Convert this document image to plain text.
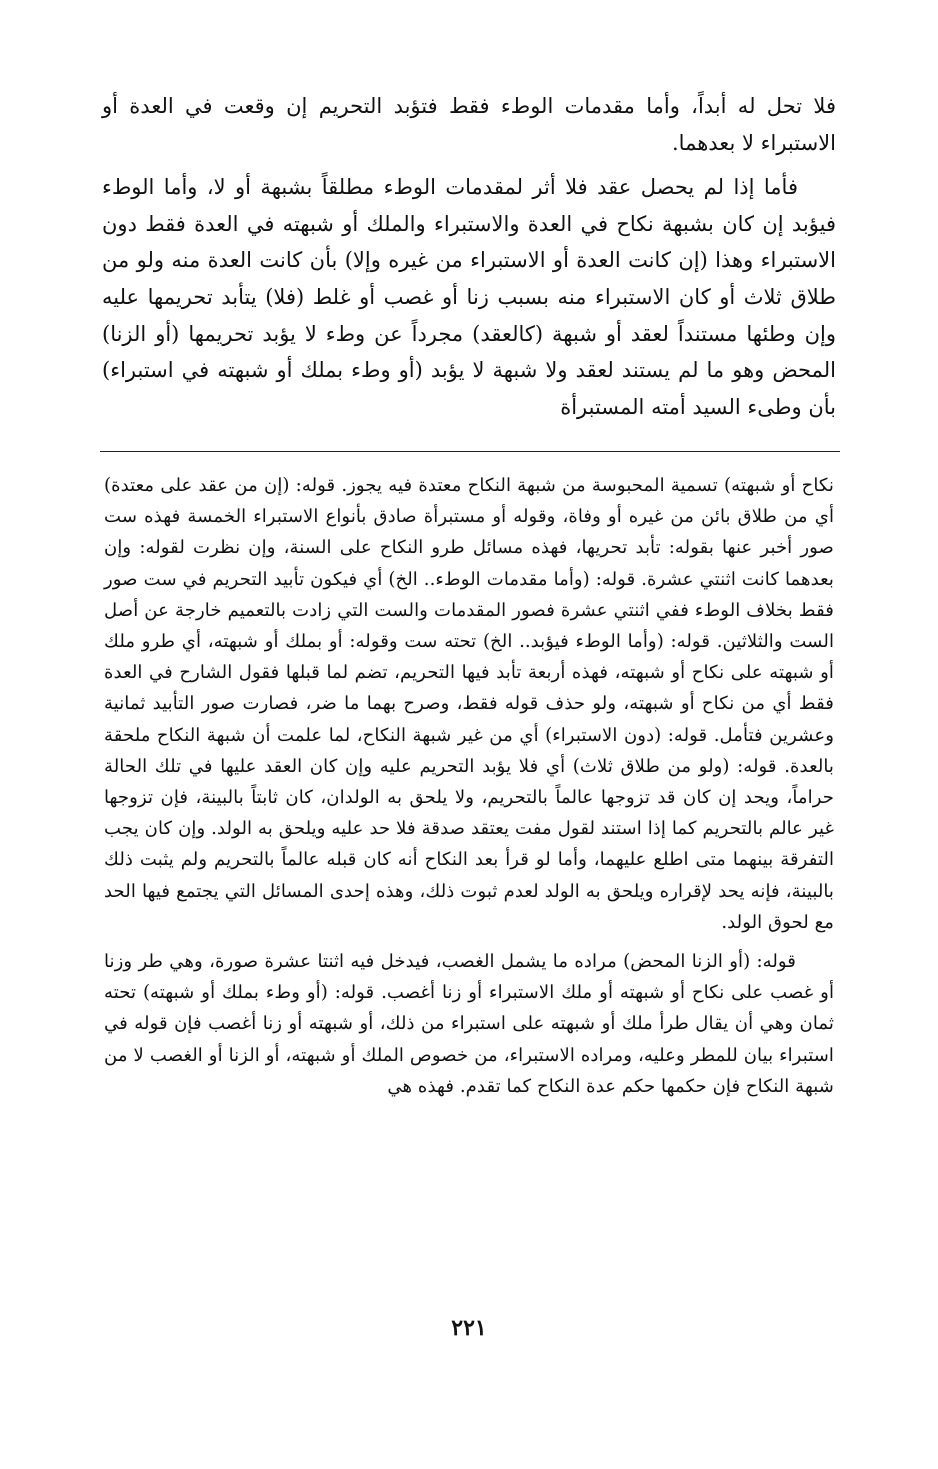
فلا تحل له أبداً، وأما مقدمات الوطء فقط فتؤبد التحريم إن وقعت في العدة أو الاستبراء لا بعدهما.

فأما إذا لم يحصل عقد فلا أثر لمقدمات الوطء مطلقاً بشبهة أو لا، وأما الوطء فيؤبد إن كان بشبهة نكاح في العدة والاستبراء والملك أو شبهته في العدة فقط دون الاستبراء وهذا (إن كانت العدة أو الاستبراء من غيره وإلا) بأن كانت العدة منه ولو من طلاق ثلاث أو كان الاستبراء منه بسبب زنا أو غصب أو غلط (فلا) يتأبد تحريمها عليه وإن وطئها مستنداً لعقد أو شبهة (كالعقد) مجرداً عن وطء لا يؤبد تحريمها (أو الزنا) المحض وهو ما لم يستند لعقد ولا شبهة لا يؤبد (أو وطء بملك أو شبهته في استبراء) بأن وطىء السيد أمته المستبرأة

نكاح أو شبهته) تسمية المحبوسة من شبهة النكاح معتدة فيه يجوز. قوله: (إن من عقد على معتدة) أي من طلاق بائن من غيره أو وفاة، وقوله أو مستبرأة صادق بأنواع الاستبراء الخمسة فهذه ست صور أخبر عنها بقوله: تأبد تحريها، فهذه مسائل طرو النكاح على السنة، وإن نظرت لقوله: وإن بعدهما كانت اثنتي عشرة. قوله: (وأما مقدمات الوطء.. الخ) أي فيكون تأبيد التحريم في ست صور فقط بخلاف الوطء ففي اثنتي عشرة فصور المقدمات والست التي زادت بالتعميم خارجة عن أصل الست والثلاثين. قوله: (وأما الوطء فيؤبد.. الخ) تحته ست وقوله: أو بملك أو شبهته، أي طرو ملك أو شبهته على نكاح أو شبهته، فهذه أربعة تأبد فيها التحريم، تضم لما قبلها فقول الشارح في العدة فقط أي من نكاح أو شبهته، ولو حذف قوله فقط، وصرح بهما ما ضر، فصارت صور التأبيد ثمانية وعشرين فتأمل. قوله: (دون الاستبراء) أي من غير شبهة النكاح، لما علمت أن شبهة النكاح ملحقة بالعدة. قوله: (ولو من طلاق ثلاث) أي فلا يؤبد التحريم عليه وإن كان العقد عليها في تلك الحالة حراماً، ويحد إن كان قد تزوجها عالماً بالتحريم، ولا يلحق به الولدان، كان ثابتاً بالبينة، فإن تزوجها غير عالم بالتحريم كما إذا استند لقول مفت يعتقد صدقة فلا حد عليه ويلحق به الولد. وإن كان يجب التفرقة بينهما متى اطلع عليهما، وأما لو قرأ بعد النكاح أنه كان قبله عالماً بالتحريم ولم يثبت ذلك بالبينة، فإنه يحد لإقراره ويلحق به الولد لعدم ثبوت ذلك، وهذه إحدى المسائل التي يجتمع فيها الحد مع لحوق الولد.

قوله: (أو الزنا المحض) مراده ما يشمل الغصب، فيدخل فيه اثنتا عشرة صورة، وهي طر وزنا أو غصب على نكاح أو شبهته أو ملك الاستبراء أو زنا أغصب. قوله: (أو وطء بملك أو شبهته) تحته ثمان وهي أن يقال طرأ ملك أو شبهته على استبراء من ذلك، أو شبهته أو زنا أغصب فإن قوله في استبراء بيان للمطر وعليه، ومراده الاستبراء، من خصوص الملك أو شبهته، أو الزنا أو الغصب لا من شبهة النكاح فإن حكمها حكم عدة النكاح كما تقدم. فهذه هي

٢٢١
